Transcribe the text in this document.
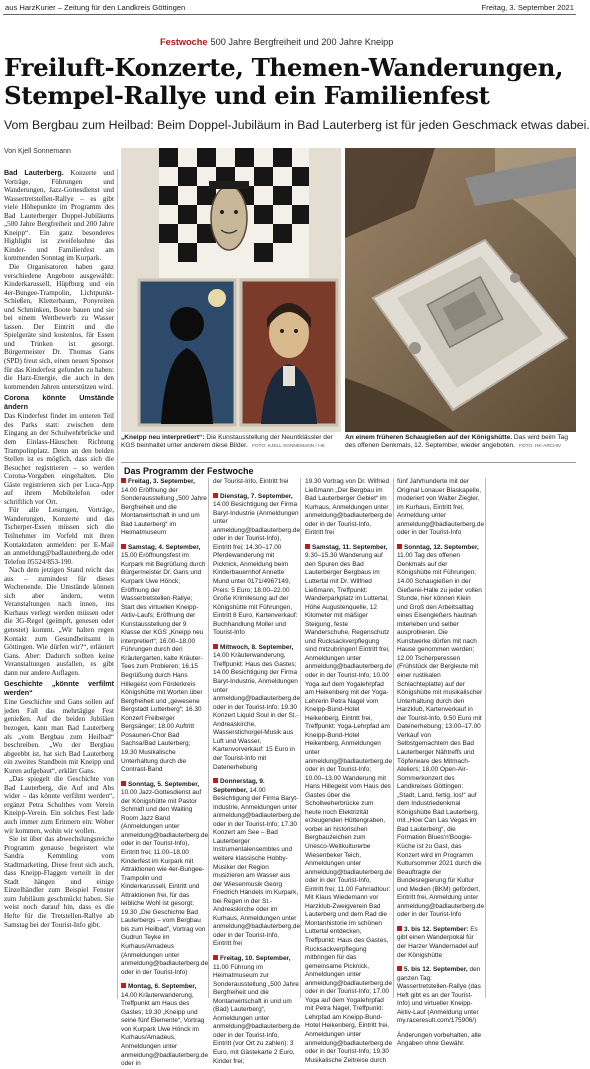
aus HarzKurier – Zeitung für den Landkreis Göttingen	Freitag, 3. September 2021
Festwoche 500 Jahre Bergfreiheit und 200 Jahre Kneipp
Freiluft-Konzerte, Themen-Wanderungen,
Stempel-Rallye und ein Familienfest
Vom Bergbau zum Heilbad: Beim Doppel-Jubiläum in Bad Lauterberg ist für jeden Geschmack etwas dabei.
Von Kjell Sonnemann

Bad Lauterberg. Konzerte und Vorträge, Führungen und Wanderungen, Jazz-Gottesdienst und Wassertretstellen-Rallye – es gibt viele Höhepunkte im Programm des Bad Lauterberger Doppel-Jubiläums „500 Jahre Bergfreiheit und 200 Jahre Kneipp“. Ein ganz besonderes Highlight ist zweifelsohne das Kinder- und Familienfest am kommenden Sonntag im Kurpark.

Die Organisatoren haben ganz verschiedene Angebote ausgewählt: Kinderkarussell, Hüpfburg und ein 4er-Bungee-Trampolin, Lichtpunkt-Schießen, Kletterbaum, Ponyreiten und Schminken, Boote bauen und sie bei einem Wettbewerb zu Wasser lassen. Der Eintritt und die Spielgeräte sind kostenlos, für Essen und Trinken ist gesorgt. Bürgermeister Dr. Thomas Gans (SPD) freut sich, einen neuen Sponsor für das Kinderfest gefunden zu haben: die Harz-Energie, die auch in den kommenden Jahren unterstützen wird.

Corona könnte Umstände ändern

Das Kinderfest findet im unteren Teil des Parks statt: zwischen dem Eingang an der Schulwehrbrücke und dem Einlass-Häuschen Richtung Trampolinplatz. Denn an den beiden Stellen ist es möglich, dass sich die Besucher registrieren – so werden Corona-Vorgaben eingehalten. Die Gäste registrieren sich per Luca-App auf ihrem Mobiltelefon oder schriftlich vor Ort.

Für alle Lesungen, Vorträge, Wanderungen, Konzerte und das Tscherper-Essen müssen sich die Teilnehmer im Vorfeld mit ihren Kontaktdaten anmelden: per E-Mail an anmeldung@badlauterberg.de oder Telefon 05524/853-190.

Nach dem jetzigen Stand reicht das aus – zumindest für dieses Wochenende. Die Umstände können sich aber ändern, wenn Veranstaltungen nach innen, ins Kurhaus verlegt werden müssen oder die 3G-Regel (geimpft, genesen oder getestet) kommt. „Wir halten regen Kontakt zum Gesundheitsamt in Göttingen. Wie dürfen wir?“, erläutert Gans. Aber: Dadurch sollten keine Veranstaltungen ausfallen, es gibt dann nur andere Auflagen.

Geschichte „könnte verfilmt werden“

Eine Geschichte und Gans sollen auf jeden Fall das mehrtägige Fest genießen. Auf die beiden Jubiläen bezogen, kann man Bad Lauterberg als „vom Bergbau zum Heilbad“ beschreiben. „Wo der Bergbau abgeebbt ist, hat sich Bad Lauterberg ein zweites Standbein mit Kneipp und Kuren aufgebaut“, erklärt Gans.

„Das spiegelt die Geschichte von Bad Lauterberg, die Auf und Abs wider – das könnte verfilmt werden“, ergänzt Petra Schulthes vom Verein Kneipp-Verein. Ein solches Fest lade auch immer zum Erinnern ein: Woher wir kommen, wohin wir wollen.

Sie ist über das abwechslungsreiche Programm genauso begeistert wie Sandra Kemmling vom Stadtmarketing. Diese freut sich auch, dass Kneipp-Flaggen verteilt in der Stadt hängen und einige Einzelhändler zum Beispiel Fenster zum Jubiläum geschmückt haben. Sie weist noch darauf hin, dass es die Hefte für die Tretstellen-Rallye ab Samstag bei der Tourist-Info gibt.

„Kneipp neu interpretiert“: Die Kunstausstellung der Neuntklässler der KGS beinhaltet unter anderem diese Bilder. FOTO: KJELL SONNEMANN / HK
An einem früheren Schaugießen auf der Königshütte. Das wird beim Tag des offenen Denkmals, 12. September, wieder angeboten. FOTO: HK-ARCHIV
Das Programm der Festwoche
Freitag, 3. September, 14.00 Eröffnung der Sonderausstellung „500 Jahre Bergfreiheit und die Montanwirtschaft in und um Bad Lauterberg“ im Heimatmuseum
Samstag, 4. September, 15.00 Eröffnungsfest im Kurpark mit Begrüßung durch Bürgermeister Dr. Gans und Kurpark Uwe Hönck; Eröffnung der Wassertretstellen-Rallye; Start des virtuellen Kneipp-Aktiv-Laufs; Eröffnung der Kunstausstellung der 9 Klasse der KGS „Kneipp neu interpretiert“; 16.00–18.00 Führungen durch den Kräutergarten, kalte Kräuter-Tees zum Probieren; 16.15 Begrüßung durch Hans Hillegeist vom Förderkreis Königshütte mit Worten über Bergfreiheit und „gewesene Bergstadt Lutterberg“; 16.30 Konzert Freiberger Bergsänger; 18.00 Auftritt Posaunen-Chor Bad Sachsa/Bad Lauterberg; 19.30 Musikalische Unterhaltung durch die Contrast-Band
Sonntag, 5. September, 10.00 Jazz-Gottesdienst auf der Königshütte mit Pastor Schmidt und den Waiting Room Jazz Band (Anmeldungen unter anmeldung@badlauterberg.de oder in der Tourist-Info), Eintritt frei; 11.00–18.00 Kinderfest im Kurpark mit Attraktionen wie 4er-Bungee-Trampolin und Kinderkarussell, Eintritt und Attraktionen frei, für das leibliche Wohl ist gesorgt; 19.30 „Die Geschichte Bad Lauterbergs – vom Bergbau bis zum Heilbad“, Vortrag von Gudrun Teyke im Kurhaus/Amadeus (Anmeldungen unter anmeldung@badlauterberg.de oder in der Tourist-Info)
Montag, 6. September, 14.00 Kräuterwanderung, Treffpunkt am Haus des Gastes; 19.30 „Kneipp und seine fünf Elemente“, Vortrag von Kurpark Uwe Hönck im Kurhaus/Amadeus, Anmeldungen unter anmeldung@badlauterberg.de oder in
der Tourist-Info, Eintritt frei
Dienstag, 7. September, 14.00 Besichtigung der Firma Baryt-Industrie (Anmeldungen unter anmeldung@badlauterberg.de oder in der Tourist-Info), Eintritt frei; 14.30–17.00 Pferdewanderung mit Picknick, Anmeldung beim Kinderbauernhof Annette Mund unter 0171/4967149, Preis: 5 Euro; 18.00–22.00 Große Krimilesung auf der Königshütte mit Führungen, Eintritt 8 Euro, Kartenverkauf: Buchhandlung Moller und Tourist-Info
Mittwoch, 8. September, 14.00 Kräuterwanderung, Treffpunkt: Haus des Gastes; 14.00 Besichtigung der Firma Baryt-Industrie, Anmeldungen unter anmeldung@badlauterberg.de oder in der Tourist-Info; 19.30 Konzert Liquid Soul in der St.-Andreaskirche, Wasserstichorgel-Musik aus Luft und Wasser, Kartenvorverkauf: 15 Euro in der Tourist-Info mit Datenerhebung
Donnerstag, 9. September, 14.00 Besichtigung der Firma Baryt-Industrie, Anmeldungen unter anmeldung@badlauterberg.de oder in der Tourist-Info; 17.30 Konzert am See – Bad Lauterberger Instrumentalensembles und weitere klassische Hobby-Musiker der Region musizieren am Wasser aus der Wiesenmusik Georg Friedrich Händels im Kurpark, bei Regen in der St.-Andreaskirche oder im Kurhaus, Anmeldungen unter anmeldung@badlauterberg.de oder in der Tourist-Info, Eintritt frei
Freitag, 10. September, 11.00 Führung im Heimatmuseum zur Sonderausstellung „500 Jahre Bergfreiheit und die Montanwirtschaft in und um (Bad) Lauterberg“, Anmeldungen unter anmeldung@badlauterberg.de oder in der Tourist-Info, Eintritt (vor Ort zu zahlen): 3 Euro, mit Gästekarte 2 Euro, Kinder frei;
19.30 Vortrag von Dr. Wilfried Ließmann „Der Bergbau im Bad Lauterberger Gebiet“ im Kurhaus, Anmeldungen unter anmeldung@badlauterberg.de oder in der Tourist-Info, Eintritt frei
Samstag, 11. September, 9.30–15.30 Wanderung auf den Spuren des Bad Lauterberger Bergbaus im Luttertal mit Dr. Wilfried Ließmann, Treffpunkt: Wanderparkplatz im Luttertal, Höhe Augustenquelle, 12 Kilometer mit mäßiger Steigung, feste Wanderschuhe, Regenschutz und Rucksackverpflegung sind mitzubringen! Eintritt frei, Anmeldungen unter anmeldung@badlauterberg.de oder in der Tourist-Info; 10.00 Yoga auf dem Yogalehrpfad am Heikenberg mit der Yoga-Lehrerin Petra Nagel vom Kneipp-Bund-Hotel Heikenberg, Eintritt frei, Treffpunkt: Yoga-Lehrpfad am Kneipp-Bund-Hotel Heikenberg, Anmeldungen unter anmeldung@badlauterberg.de oder in der Tourist-Info; 10.00–13.00 Wanderung mit Hans Hillegeist vom Haus des Gastes über die Schollweherbrücke zum heute noch Elektrizität erzeugenden Hüttengraben, vorbei an historischen Bergbauzeichen zum Unesco-Weltkulturerbe Wiesenbeker Teich, Anmeldungen unter anmeldung@badlauterberg.de oder in der Tourist-Info, Eintritt frei; 11.00 Fahrradtour: Mit Klaus Wiedemann vor Harzklub-Zweigverein Bad Lauterberg und dem Rad die Montanhistorie im schönen Luttertal entdecken, Treffpunkt: Haus des Gastes, Rucksackverpflegung mitbringen für das gemeinsame Picknick, Anmeldungen unter anmeldung@badlauterberg.de oder in der Tourist-Info; 17.00 Yoga auf dem Yogalehrpfad mit Petra Nagel, Treffpunkt: Lehrpfad am Kneipp-Bund-Hotel Heikenberg, Eintritt frei, Anmeldungen unter anmeldung@badlauterberg.de oder in der Tourist-Info; 19.30 Musikalische Zeitreise durch
fünf Jahrhunderte mit der Original Lonauer Blaskapelle, moderiert von Walter Ziegler, im Kurhaus, Eintritt frei, Anmeldung unter anmeldung@badlauterberg.de oder in der Tourist-Info
Sonntag, 12. September, 11.00 Tag des offenen Denkmals auf der Königshütte mit Führungen; 14.00 Schaugießen in der Gießerei-Halle zu jeder vollen Stunde, hier können Klein und Groß den Arbeitsalltag eines Eisengießers hautnah miterleben und selber ausprobieren. Die Kunstwerke dürfen mit nach Hause genommen werden; 12.00 Tscherperessen (Frühstück der Bergleute mit einer rustikalen Schlachteplatte) auf der Königshütte mit musikalischer Unterhaltung durch den Harzklub, Kartenverkauf in der Tourist-Info, 9.50 Euro mit Datenerhebung; 13.00–17.00 Verkauf von Selbstgemachtem des Bad Lauterberger Nähtreffs und Töpferware des Mitmach-Ateliers; 18.00 Open-Air-Sommerkonzert des Landkreises Göttingen: „Stadt, Land, fertig, los!“ auf dem Industriedenkmal Königshütte Bad Lauterberg, mit „How Can Las Vegas im Bad Lauterberg“, die Formation Blues'n'Boogie-Küche ist zu Gast, das Konzert wird im Programm Kultursommer 2021 durch die Beauftragte der Bundesregierung für Kultur und Medien (BKM) gefördert, Eintritt frei, Anmeldung unter anmeldung@badlauterberg.de oder in der Tourist-Info
3. bis 12. September: Es gibt einen Wanderpokal für der Harzer Wandernadel auf der Königshütte
5. bis 12. September, den ganzen Tag: Wassertretstellen-Rallye (das Heft gibt es an der Tourist-Info) und virtueller Kneipp-Aktiv-Lauf (Anmeldung unter my.raceresult.com/175906/)
Änderungen vorbehalten, alle Angaben ohne Gewähr.
